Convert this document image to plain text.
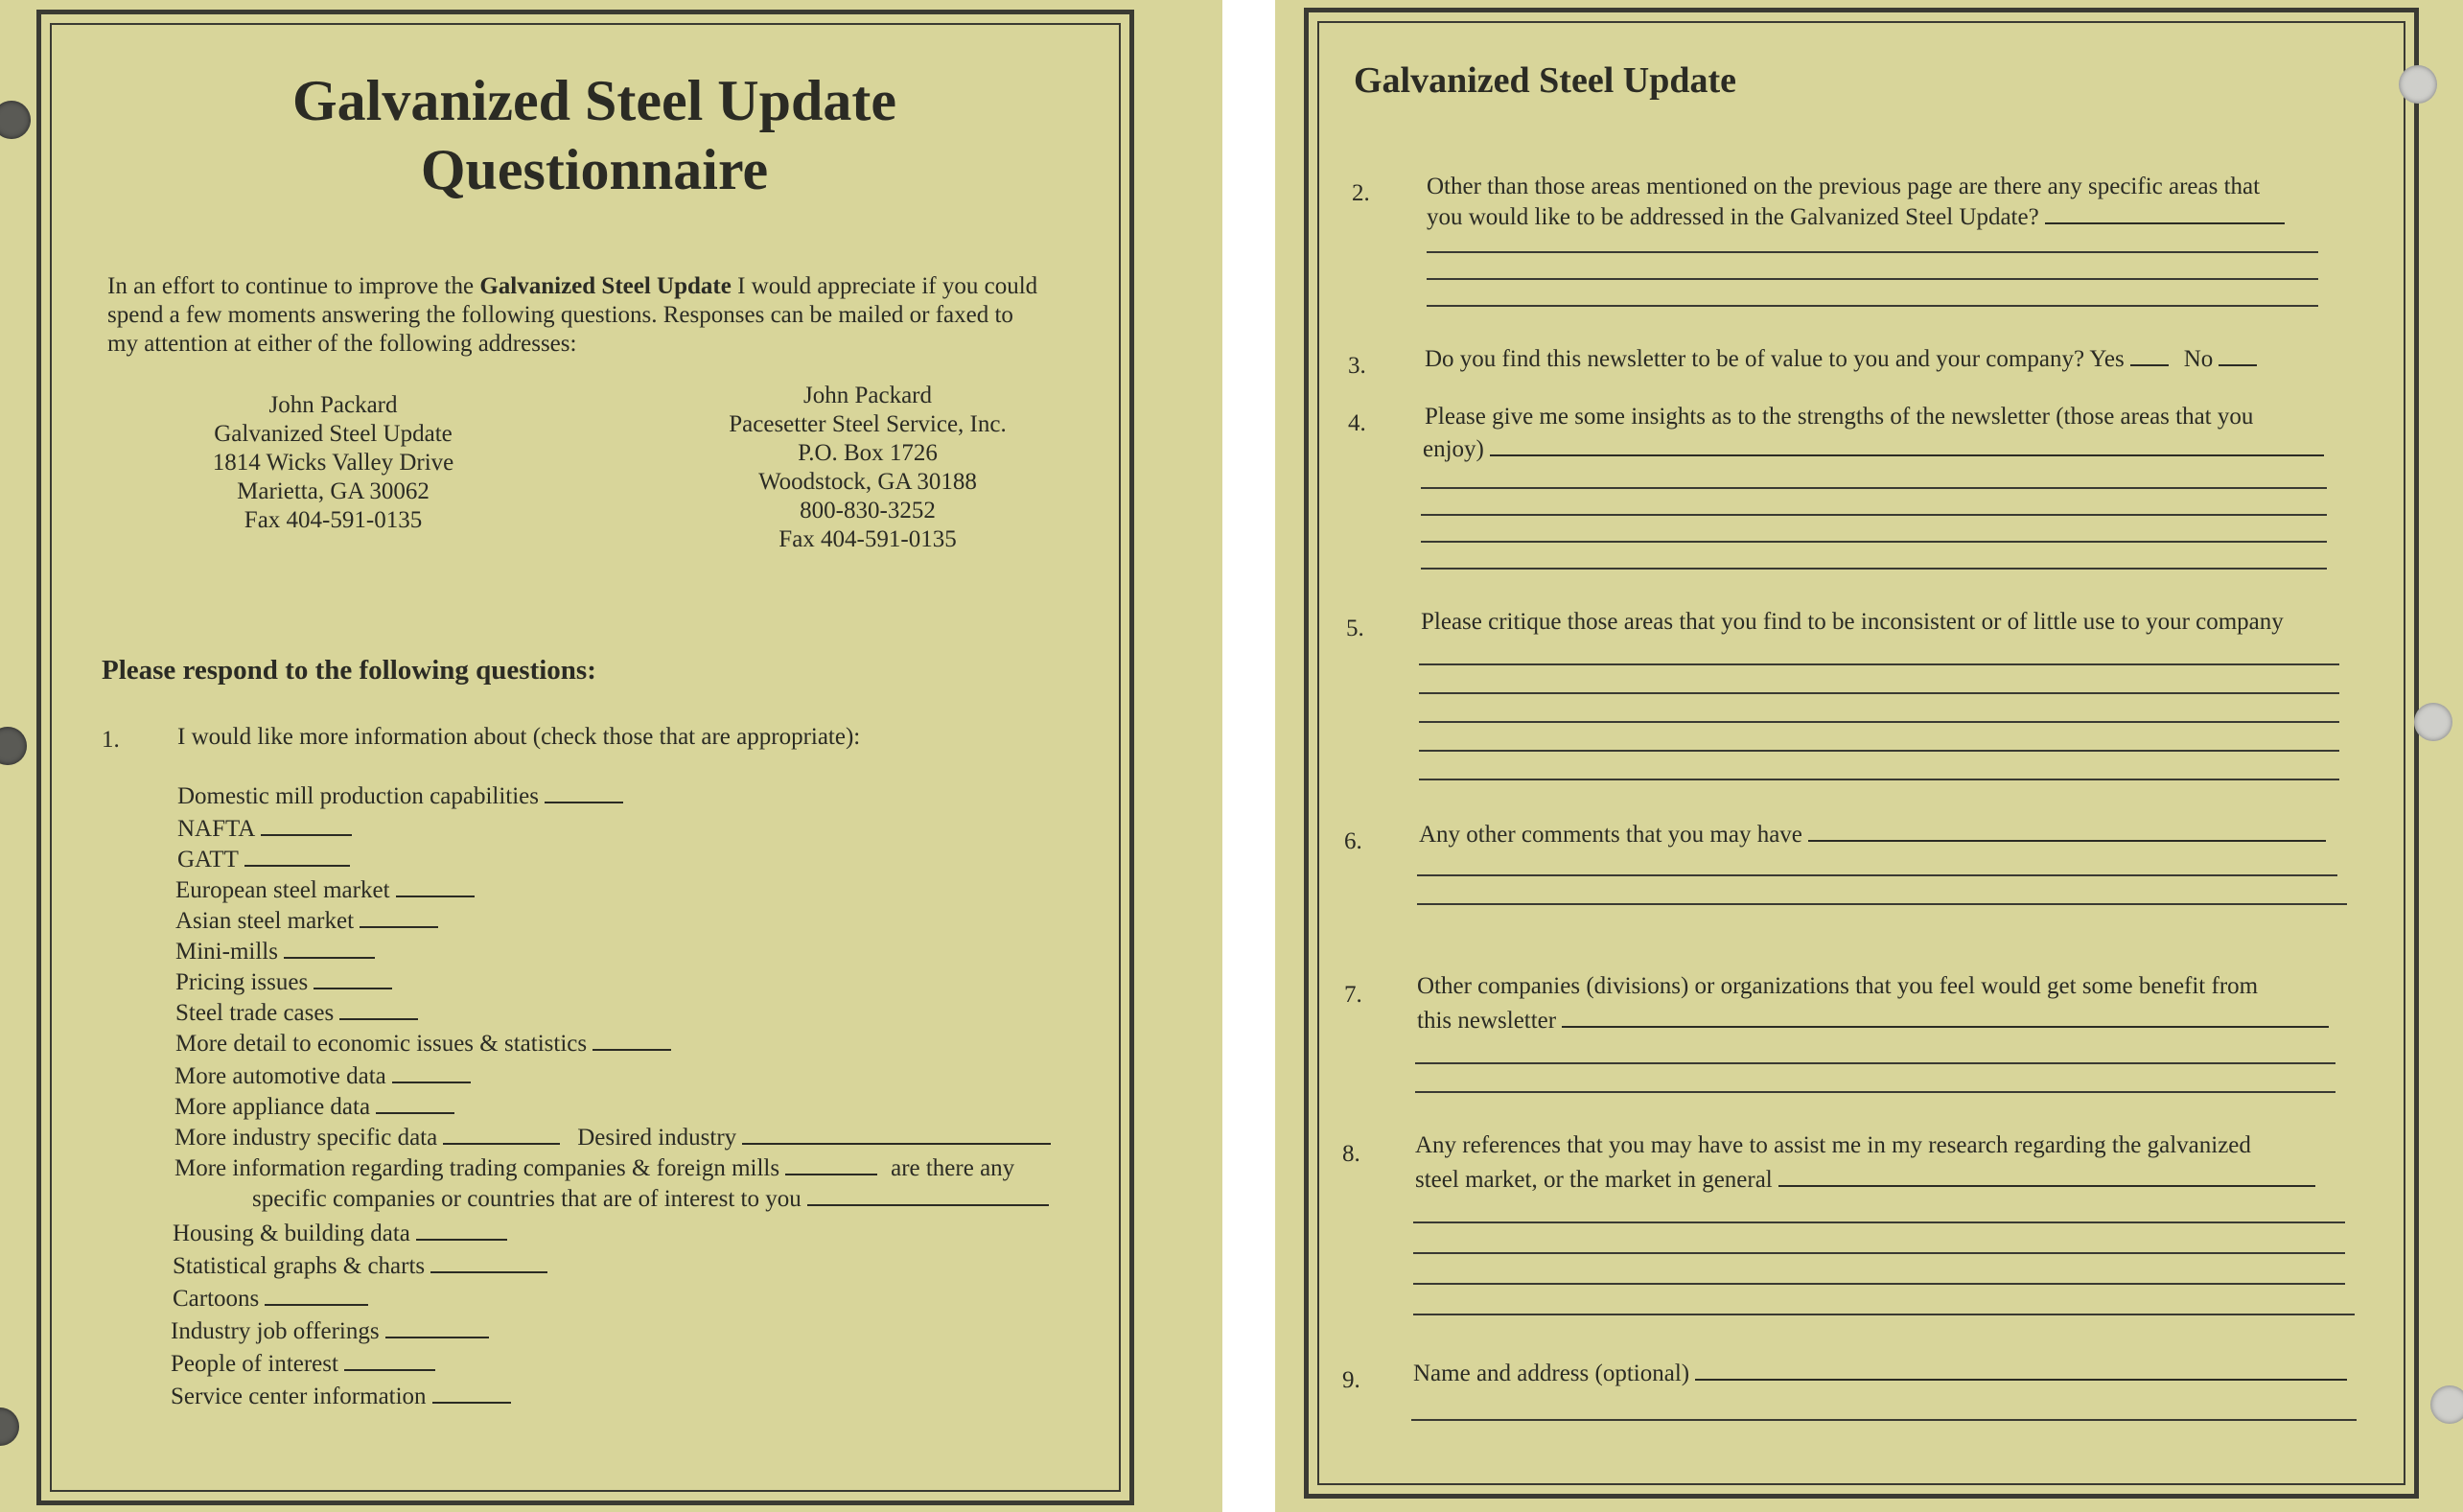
Galvanized Steel Update
Questionnaire
In an effort to continue to improve the Galvanized Steel Update I would appreciate if you could
spend a few moments answering the following questions. Responses can be mailed or faxed to
my attention at either of the following addresses:
John Packard
Galvanized Steel Update
1814 Wicks Valley Drive
Marietta, GA 30062
Fax 404-591-0135
John Packard
Pacesetter Steel Service, Inc.
P.O. Box 1726
Woodstock, GA 30188
800-830-3252
Fax 404-591-0135
Please respond to the following questions:
1. I would like more information about (check those that are appropriate):
Domestic mill production capabilities
NAFTA
GATT
European steel market
Asian steel market
Mini-mills
Pricing issues
Steel trade cases
More detail to economic issues & statistics
More automotive data
More appliance data
More industry specific data	Desired industry
More information regarding trading companies & foreign mills	are there any
specific companies or countries that are of interest to you
Housing & building data
Statistical graphs & charts
Cartoons
Industry job offerings
People of interest
Service center information
Galvanized Steel Update
2. Other than those areas mentioned on the previous page are there any specific areas that
you would like to be addressed in the Galvanized Steel Update?
3. Do you find this newsletter to be of value to you and your company? Yes No
4. Please give me some insights as to the strengths of the newsletter (those areas that you
enjoy)
5. Please critique those areas that you find to be inconsistent or of little use to your company
6. Any other comments that you may have
7. Other companies (divisions) or organizations that you feel would get some benefit from
this newsletter
8. Any references that you may have to assist me in my research regarding the galvanized
steel market, or the market in general
9. Name and address (optional)
